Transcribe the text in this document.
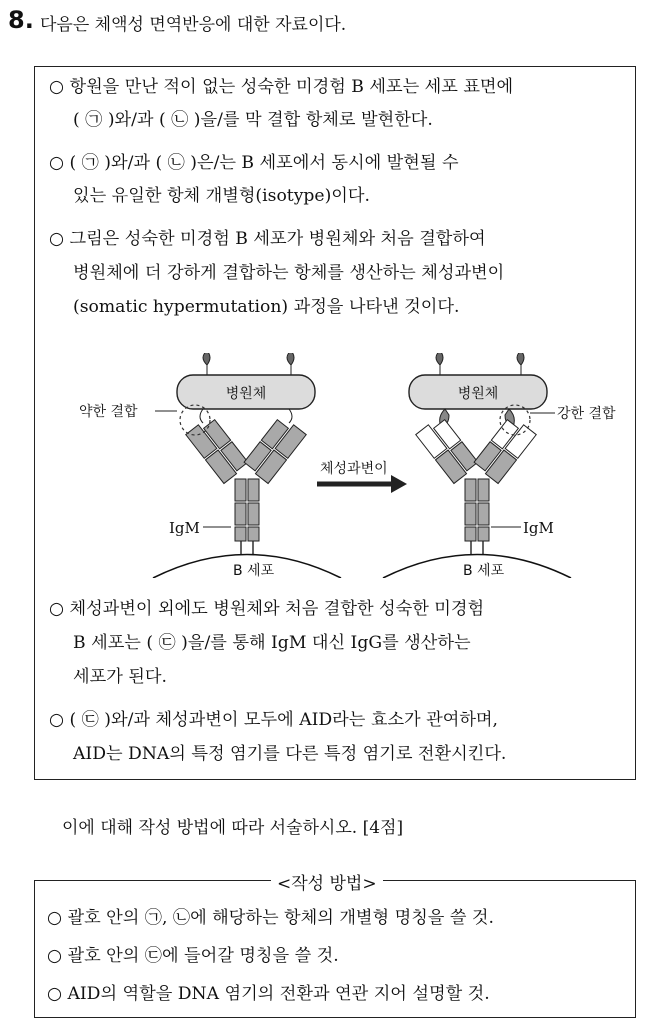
8. 다음은 체액성 면역반응에 대한 자료이다.
○ 항원을 만난 적이 없는 성숙한 미경험 B 세포는 세포 표면에
( ㉠ )와/과 ( ㉡ )을/를 막 결합 항체로 발현한다.
○ ( ㉠ )와/과 ( ㉡ )은/는 B 세포에서 동시에 발현될 수
있는 유일한 항체 개별형(isotype)이다.
○ 그림은 성숙한 미경험 B 세포가 병원체와 처음 결합하여
병원체에 더 강하게 결합하는 항체를 생산하는 체성과변이
(somatic hypermutation) 과정을 나타낸 것이다.
병원체	병원체
약한 결합	강한 결합
체성과변이
IgM	IgM
B 세포	B 세포
○ 체성과변이 외에도 병원체와 처음 결합한 성숙한 미경험
B 세포는 ( ㉢ )을/를 통해 IgM 대신 IgG를 생산하는
세포가 된다.
○ ( ㉢ )와/과 체성과변이 모두에 AID라는 효소가 관여하며,
AID는 DNA의 특정 염기를 다른 특정 염기로 전환시킨다.
이에 대해 작성 방법에 따라 서술하시오. [4점]
<작성 방법>
○ 괄호 안의 ㉠, ㉡에 해당하는 항체의 개별형 명칭을 쓸 것.
○ 괄호 안의 ㉢에 들어갈 명칭을 쓸 것.
○ AID의 역할을 DNA 염기의 전환과 연관 지어 설명할 것.
